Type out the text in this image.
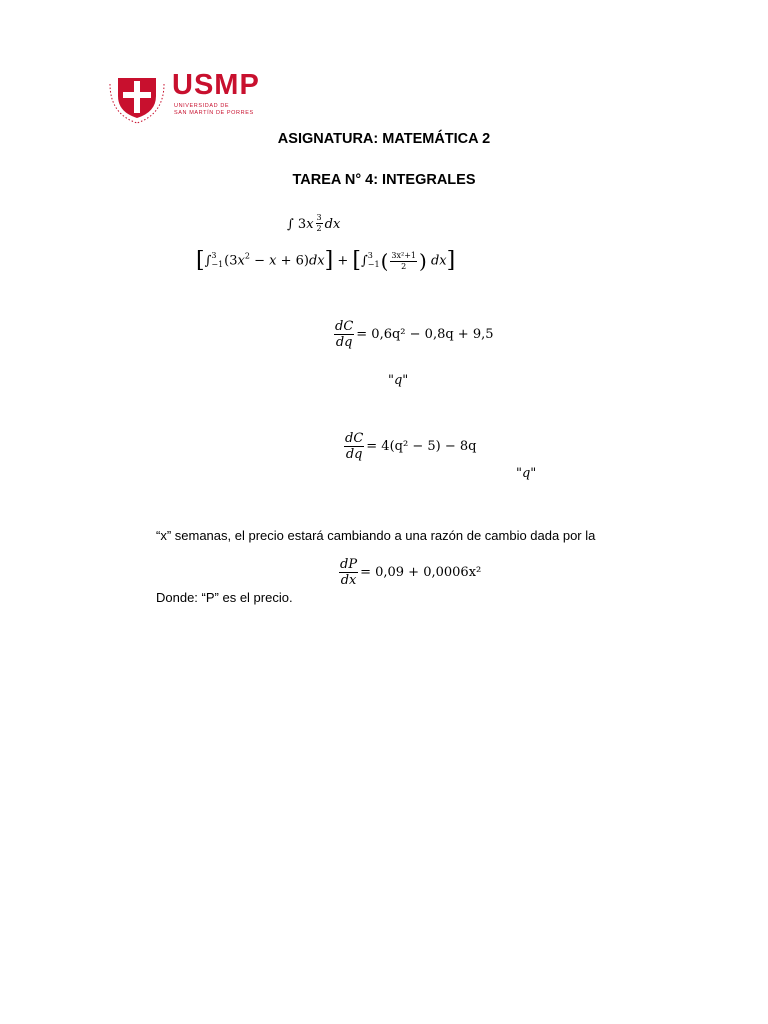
USMP
UNIVERSIDAD DE
SAN MARTÍN DE PORRES
ASIGNATURA: MATEMÁTICA 2
TAREA N° 4: INTEGRALES
∫ $3x \frac{3}{2}$ dx
[∫ 3
−1 $(3x^2 - x + 6)dx$] + [∫ 3
−1 ( $\frac{\text{3x²+1}}{2}$ ) dx]
$\frac{dC}{dq} = 0,6q^2 - 0,8q + 9,5$
"q"
$\frac{dC}{dq} = 4(q^2 - 5) - 8q$
"q"
“x” semanas, el precio estará cambiando a una razón de cambio dada por la
$\frac{dP}{dx} = 0,09 + 0,0006x^2$
Donde: “P” es el precio.
